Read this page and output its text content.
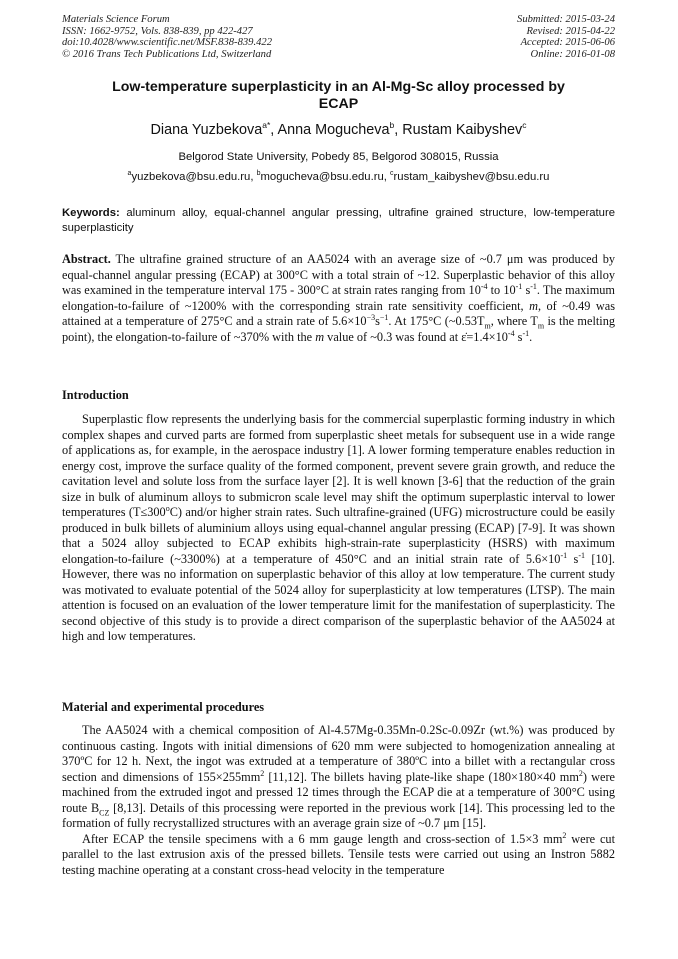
Materials Science Forum
ISSN: 1662-9752, Vols. 838-839, pp 422-427
doi:10.4028/www.scientific.net/MSF.838-839.422
© 2016 Trans Tech Publications Ltd, Switzerland
Submitted: 2015-03-24
Revised: 2015-04-22
Accepted: 2015-06-06
Online: 2016-01-08
Low-temperature superplasticity in an Al-Mg-Sc alloy processed by
ECAP
Diana Yuzbekova$^{a*}$, Anna Mogucheva$^b$, Rustam Kaibyshev$^c$
Belgorod State University, Pobedy 85, Belgorod 308015, Russia
$^a$yuzbekova@bsu.edu.ru, $^b$mogucheva@bsu.edu.ru, $^c$rustam_kaibyshev@bsu.edu.ru
Keywords: aluminum alloy, equal-channel angular pressing, ultrafine grained structure, low-temperature superplasticity
Abstract. The ultrafine grained structure of an AA5024 with an average size of ~0.7 μm was produced by equal-channel angular pressing (ECAP) at 300°C with a total strain of ~12. Superplastic behavior of this alloy was examined in the temperature interval 175 - 300°C at strain rates ranging from $10^{-4}$ to $10^{-1}$ $s^{-1}$. The maximum elongation-to-failure of ~1200% with the corresponding strain rate sensitivity coefficient, m, of ~0.49 was attained at a temperature of 275°C and a strain rate of $5.6\times 10^{-3}s^{-1}$. At 175°C ($\sim 0.53T_m$, where $T_m$ is the melting point), the elongation-to-failure of ~370% with the m value of ~0.3 was found at $\varepsiloṅ=1.4\times 10^{-4}$ $s^{-1}$.
Introduction

Superplastic flow represents the underlying basis for the commercial superplastic forming industry in which complex shapes and curved parts are formed from superplastic sheet metals for subsequent use in a wide range of applications as, for example, in the aerospace industry [1]. A lower forming temperature enables reduction in energy cost, improve the surface quality of the formed component, prevent severe grain growth, and reduce the cavitation level and solute loss from the surface layer [2]. It is well known [3-6] that the reduction of the grain size in bulk of aluminum alloys to submicron scale level may shift the optimum superplastic interval to lower temperatures $(T\le 300^oC)$ and/or higher strain rates. Such ultrafine-grained (UFG) microstructure could be easily produced in bulk billets of aluminium alloys using equal-channel angular pressing (ECAP) [7-9]. It was shown that a 5024 alloy subjected to ECAP exhibits high-strain-rate superplasticity (HSRS) with maximum elongation-to-failure (~3300%) at a temperature of 450°C and an initial strain rate of $5.6\times 10^{-1}$ $s^{-1}$ [10]. However, there was no information on superplastic behavior of this alloy at low temperature. The current study was motivated to evaluate potential of the 5024 alloy for superplasticity at low temperatures (LTSP). The main attention is focused on an evaluation of the lower temperature limit for the manifestation of superplasticity. The second objective of this study is to provide a direct comparison of the superplastic behavior of the AA5024 at high and low temperatures.

Material and experimental procedures

The AA5024 with a chemical composition of Al-4.57Mg-0.35Mn-0.2Sc-0.09Zr (wt.%) was produced by continuous casting. Ingots with initial dimensions of 620 mm were subjected to homogenization annealing at 370ºC for 12 h. Next, the ingot was extruded at a temperature of 380ºC into a billet with a rectangular cross section and dimensions of $155\times 255mm^2$ [11,12]. The billets having plate-like shape (180×180×40 $mm^2$) were machined from the extruded ingot and pressed 12 times through the ECAP die at a temperature of 300°C using route $B_{CZ}$ [8,13]. Details of this processing were reported in the previous work [14]. This processing led to the formation of fully recrystallized structures with an average grain size of ~0.7 μm [15].

After ECAP the tensile specimens with a 6 mm gauge length and cross-section of 1.5×3 $mm^2$ were cut parallel to the last extrusion axis of the pressed billets. Tensile tests were carried out using an Instron 5882 testing machine operating at a constant cross-head velocity in the temperature
